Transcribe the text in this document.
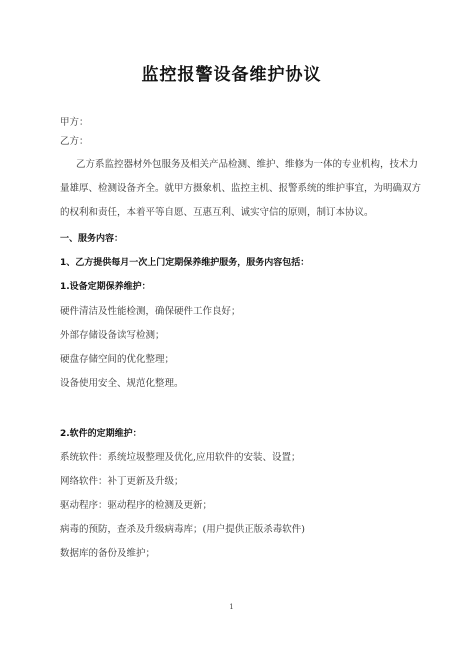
监控报警设备维护协议
甲方：
乙方：
乙方系监控器材外包服务及相关产品检测、维护、维修为一体的专业机构，技术力
量雄厚、检测设备齐全。就甲方摄象机、监控主机、报警系统的维护事宜，为明确双方
的权利和责任，本着平等自愿、互惠互利、诚实守信的原则，制订本协议。
一、服务内容：
1、乙方提供每月一次上门定期保养维护服务，服务内容包括：
1.设备定期保养维护：
硬件清洁及性能检测，确保硬件工作良好；
外部存储设备读写检测；
硬盘存储空间的优化整理；
设备使用安全、规范化整理。
2.软件的定期维护：
系统软件：系统垃圾整理及优化,应用软件的安装、设置；
网络软件：补丁更新及升级；
驱动程序：驱动程序的检测及更新；
病毒的预防，查杀及升级病毒库；(用户提供正版杀毒软件)
数据库的备份及维护；
1
